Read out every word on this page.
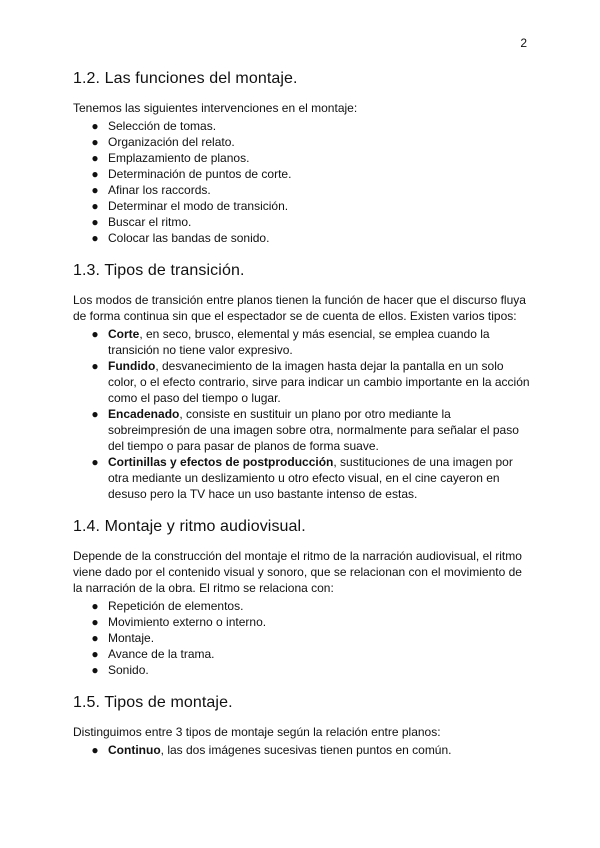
2
1.2. Las funciones del montaje.

Tenemos las siguientes intervenciones en el montaje:

● Selección de tomas.
● Organización del relato.
● Emplazamiento de planos.
● Determinación de puntos de corte.
● Afinar los raccords.
● Determinar el modo de transición.
● Buscar el ritmo.
● Colocar las bandas de sonido.
1.3. Tipos de transición.

Los modos de transición entre planos tienen la función de hacer que el discurso fluya de forma continua sin que el espectador se de cuenta de ellos. Existen varios tipos:

● Corte, en seco, brusco, elemental y más esencial, se emplea cuando la transición no tiene valor expresivo.
● Fundido, desvanecimiento de la imagen hasta dejar la pantalla en un solo color, o el efecto contrario, sirve para indicar un cambio importante en la acción como el paso del tiempo o lugar.
● Encadenado, consiste en sustituir un plano por otro mediante la sobreimpresión de una imagen sobre otra, normalmente para señalar el paso del tiempo o para pasar de planos de forma suave.
● Cortinillas y efectos de postproducción, sustituciones de una imagen por otra mediante un deslizamiento u otro efecto visual, en el cine cayeron en desuso pero la TV hace un uso bastante intenso de estas.
1.4. Montaje y ritmo audiovisual.

Depende de la construcción del montaje el ritmo de la narración audiovisual, el ritmo viene dado por el contenido visual y sonoro, que se relacionan con el movimiento de la narración de la obra. El ritmo se relaciona con:

● Repetición de elementos.
● Movimiento externo o interno.
● Montaje.
● Avance de la trama.
● Sonido.
1.5. Tipos de montaje.

Distinguimos entre 3 tipos de montaje según la relación entre planos:

● Continuo, las dos imágenes sucesivas tienen puntos en común.
